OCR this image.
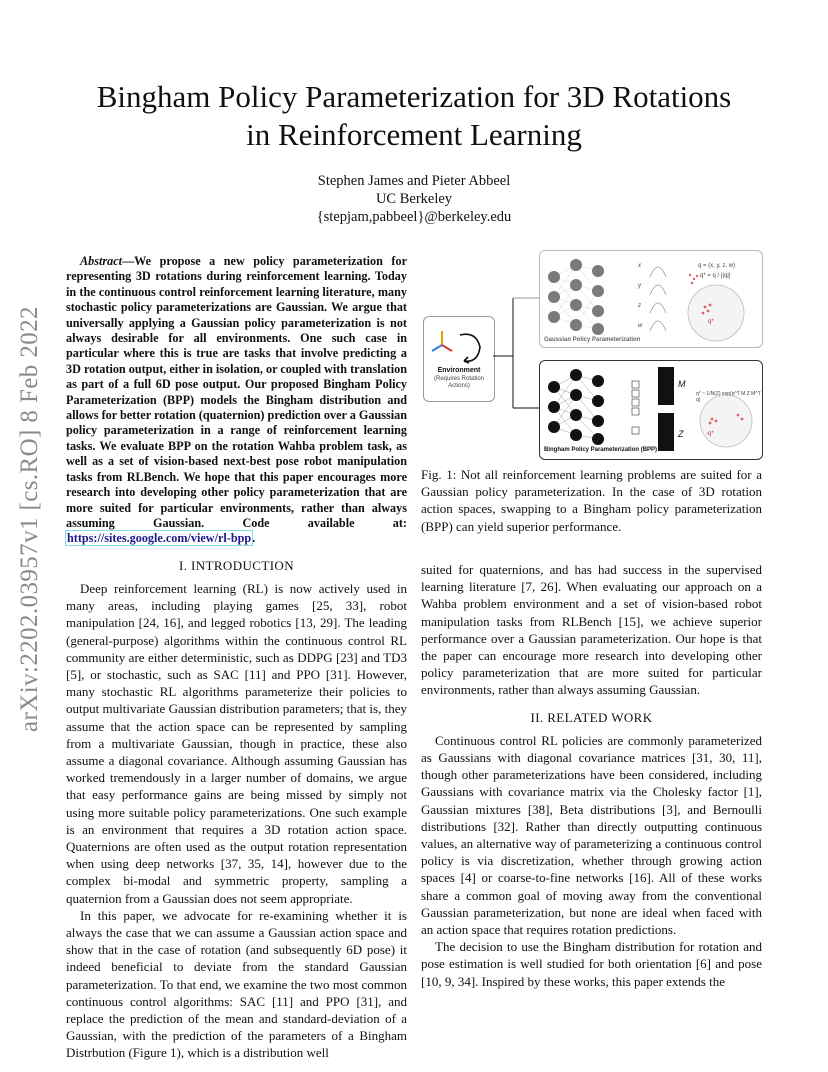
arXiv:2202.03957v1 [cs.RO] 8 Feb 2022
Bingham Policy Parameterization for 3D Rotations
in Reinforcement Learning
Stephen James and Pieter Abbeel
UC Berkeley
{stepjam,pabbeel}@berkeley.edu

Abstract—We propose a new policy parameterization for representing 3D rotations during reinforcement learning. Today in the continuous control reinforcement learning literature, many stochastic policy parameterizations are Gaussian. We argue that universally applying a Gaussian policy parameterization is not always desirable for all environments. One such case in particular where this is true are tasks that involve predicting a 3D rotation output, either in isolation, or coupled with translation as part of a full 6D pose output. Our proposed Bingham Policy Parameterization (BPP) models the Bingham distribution and allows for better rotation (quaternion) prediction over a Gaussian policy parameterization in a range of reinforcement learning tasks. We evaluate BPP on the rotation Wahba problem task, as well as a set of vision-based next-best pose robot manipulation tasks from RLBench. We hope that this paper encourages more research into developing other policy parameterization that are more suited for particular environments, rather than always assuming Gaussian. Code available at: https://sites.google.com/view/rl-bpp.

I. INTRODUCTION

Deep reinforcement learning (RL) is now actively used in many areas, including playing games [25, 33], robot manipulation [24, 16], and legged robotics [13, 29]. The leading (general-purpose) algorithms within the continuous control RL community are either deterministic, such as DDPG [23] and TD3 [5], or stochastic, such as SAC [11] and PPO [31]. However, many stochastic RL algorithms parameterize their policies to output multivariate Gaussian distribution parameters; that is, they assume that the action space can be represented by sampling from a multivariate Gaussian, though in practice, these also assume a diagonal covariance. Although assuming Gaussian has worked tremendously in a larger number of domains, we argue that easy performance gains are being missed by simply not using more suitable policy parameterizations. One such example is an environment that requires a 3D rotation action space. Quaternions are often used as the output rotation representation when using deep networks [37, 35, 14], however due to the complex bi-modal and symmetric property, sampling a quaternion from a Gaussian does not seem appropriate.

In this paper, we advocate for re-examining whether it is always the case that we can assume a Gaussian action space and show that in the case of rotation (and subsequently 6D pose) it indeed beneficial to deviate from the standard Gaussian parameterization. To that end, we examine the two most common continuous control algorithms: SAC [11] and PPO [31], and replace the prediction of the mean and standard-deviation of a Gaussian, with the prediction of the parameters of a Bingham Distrbution (Figure 1), which is a distribution well

Environment
(Requires Rotation
Actions)
x
y
z
w
q = (x, y, z, w)
q* = q / ||q||
q*
Gaussian Policy Parameterization
M
Z
q* ~ 1/N(Z) exp(q^T M Z M^T q)
-q*
Bingham Policy Parameterization (BPP)
Fig. 1: Not all reinforcement learning problems are suited for a Gaussian policy parameterization. In the case of 3D rotation action spaces, swapping to a Bingham policy parameterization (BPP) can yield superior performance.

suited for quaternions, and has had success in the supervised learning literature [7, 26]. When evaluating our approach on a Wahba problem environment and a set of vision-based robot manipulation tasks from RLBench [15], we achieve superior performance over a Gaussian parameterization. Our hope is that the paper can encourage more research into developing other policy parameterization that are more suited for particular environments, rather than always assuming Gaussian.

II. RELATED WORK

Continuous control RL policies are commonly parameterized as Gaussians with diagonal covariance matrices [31, 30, 11], though other parameterizations have been considered, including Gaussians with covariance matrix via the Cholesky factor [1], Gaussian mixtures [38], Beta distributions [3], and Bernoulli distributions [32]. Rather than directly outputting continuous values, an alternative way of parameterizing a continuous control policy is via discretization, whether through growing action spaces [4] or coarse-to-fine networks [16]. All of these works share a common goal of moving away from the conventional Gaussian parameterization, but none are ideal when faced with an action space that requires rotation predictions.

The decision to use the Bingham distribution for rotation and pose estimation is well studied for both orientation [6] and pose [10, 9, 34]. Inspired by these works, this paper extends the
